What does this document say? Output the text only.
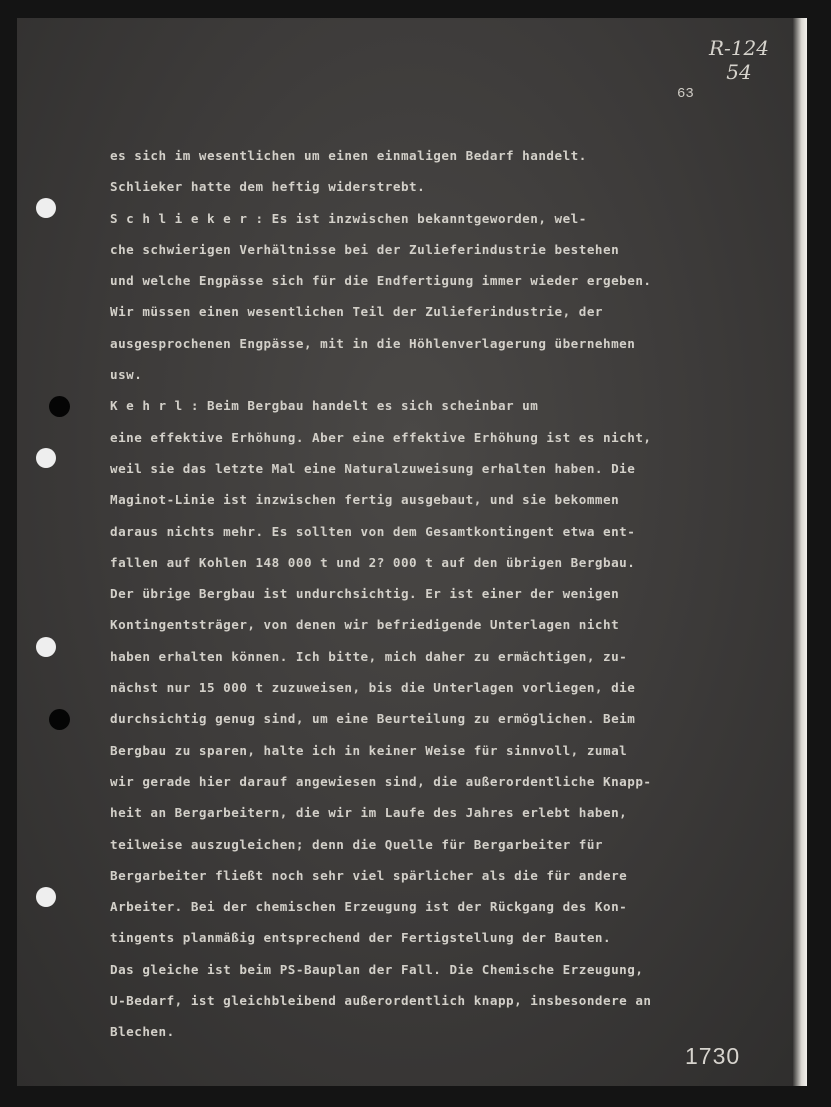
R-124
54
63
es sich im wesentlichen um einen einmaligen Bedarf handelt.
Schlieker hatte dem heftig widerstrebt.
S c h l i e k e r : Es ist inzwischen bekanntgeworden, wel-
che schwierigen Verhältnisse bei der Zulieferindustrie bestehen
und welche Engpässe sich für die Endfertigung immer wieder ergeben.
Wir müssen einen wesentlichen Teil der Zulieferindustrie, der
ausgesprochenen Engpässe, mit in die Höhlenverlagerung übernehmen
usw.
K e h r l : Beim Bergbau handelt es sich scheinbar um
eine effektive Erhöhung. Aber eine effektive Erhöhung ist es nicht,
weil sie das letzte Mal eine Naturalzuweisung erhalten haben. Die
Maginot-Linie ist inzwischen fertig ausgebaut, und sie bekommen
daraus nichts mehr. Es sollten von dem Gesamtkontingent etwa ent-
fallen auf Kohlen 148 000 t und 2? 000 t auf den übrigen Bergbau.
Der übrige Bergbau ist undurchsichtig. Er ist einer der wenigen
Kontingentsträger, von denen wir befriedigende Unterlagen nicht
haben erhalten können. Ich bitte, mich daher zu ermächtigen, zu-
nächst nur 15 000 t zuzuweisen, bis die Unterlagen vorliegen, die
durchsichtig genug sind, um eine Beurteilung zu ermöglichen. Beim
Bergbau zu sparen, halte ich in keiner Weise für sinnvoll, zumal
wir gerade hier darauf angewiesen sind, die außerordentliche Knapp-
heit an Bergarbeitern, die wir im Laufe des Jahres erlebt haben,
teilweise auszugleichen; denn die Quelle für Bergarbeiter für
Bergarbeiter fließt noch sehr viel spärlicher als die für andere
Arbeiter. Bei der chemischen Erzeugung ist der Rückgang des Kon-
tingents planmäßig entsprechend der Fertigstellung der Bauten.
Das gleiche ist beim PS-Bauplan der Fall. Die Chemische Erzeugung,
U-Bedarf, ist gleichbleibend außerordentlich knapp, insbesondere an
Blechen.
1730
